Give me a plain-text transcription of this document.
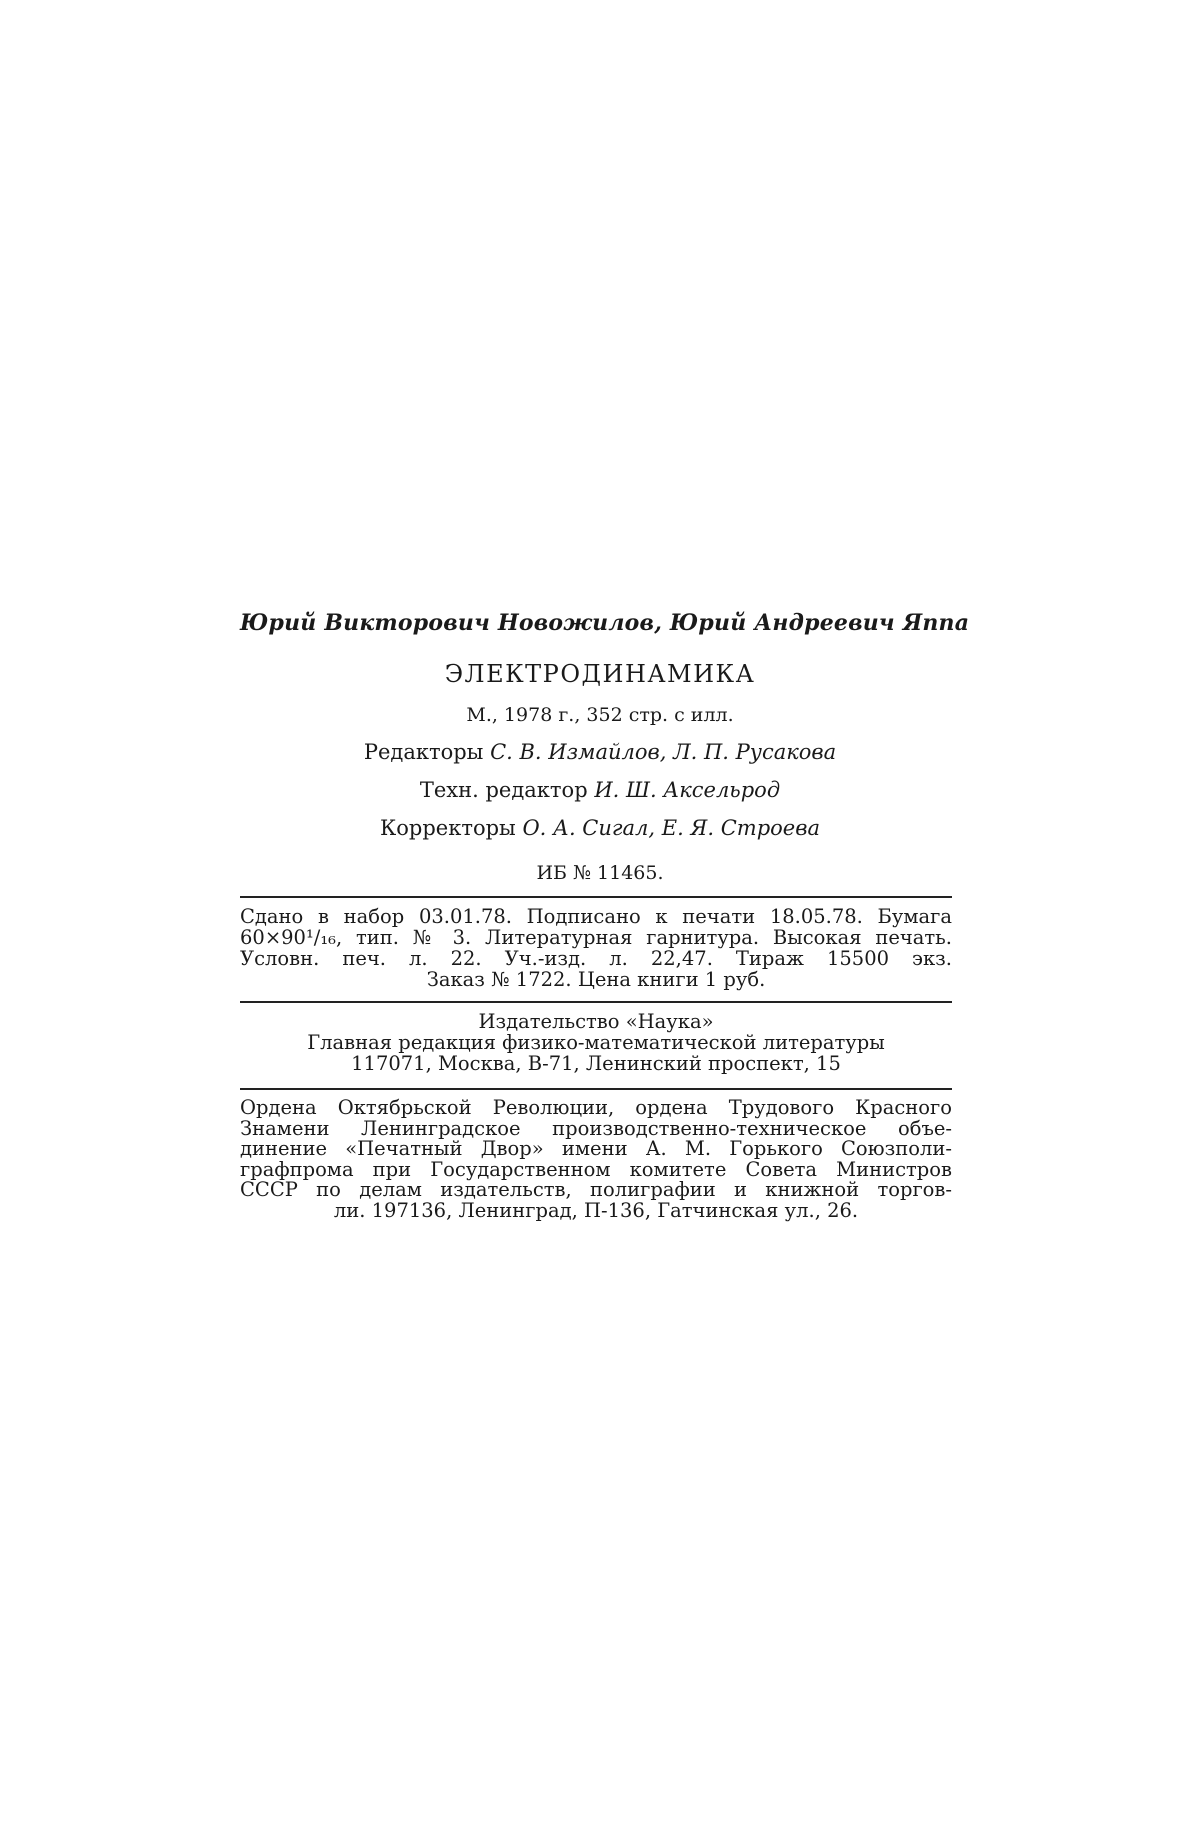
Юрий Викторович Новожилов, Юрий Андреевич Яппа
ЭЛЕКТРОДИНАМИКА
М., 1978 г., 352 стр. с илл.
Редакторы С. В. Измайлов, Л. П. Русакова
Техн. редактор И. Ш. Аксельрод
Корректоры О. А. Сигал, Е. Я. Строева
ИБ № 11465.
Сдано в набор 03.01.78. Подписано к печати 18.05.78. Бумага
60×90¹/₁₆, тип. № 3. Литературная гарнитура. Высокая печать.
Условн. печ. л. 22. Уч.-изд. л. 22,47. Тираж 15500 экз.
Заказ № 1722. Цена книги 1 руб.
Издательство «Наука»
Главная редакция физико-математической литературы
117071, Москва, В-71, Ленинский проспект, 15
Ордена Октябрьской Революции, ордена Трудового Красного
Знамени Ленинградское производственно-техническое объе-
динение «Печатный Двор» имени А. М. Горького Союзполи-
графпрома при Государственном комитете Совета Министров
СССР по делам издательств, полиграфии и книжной торгов-
ли. 197136, Ленинград, П-136, Гатчинская ул., 26.
